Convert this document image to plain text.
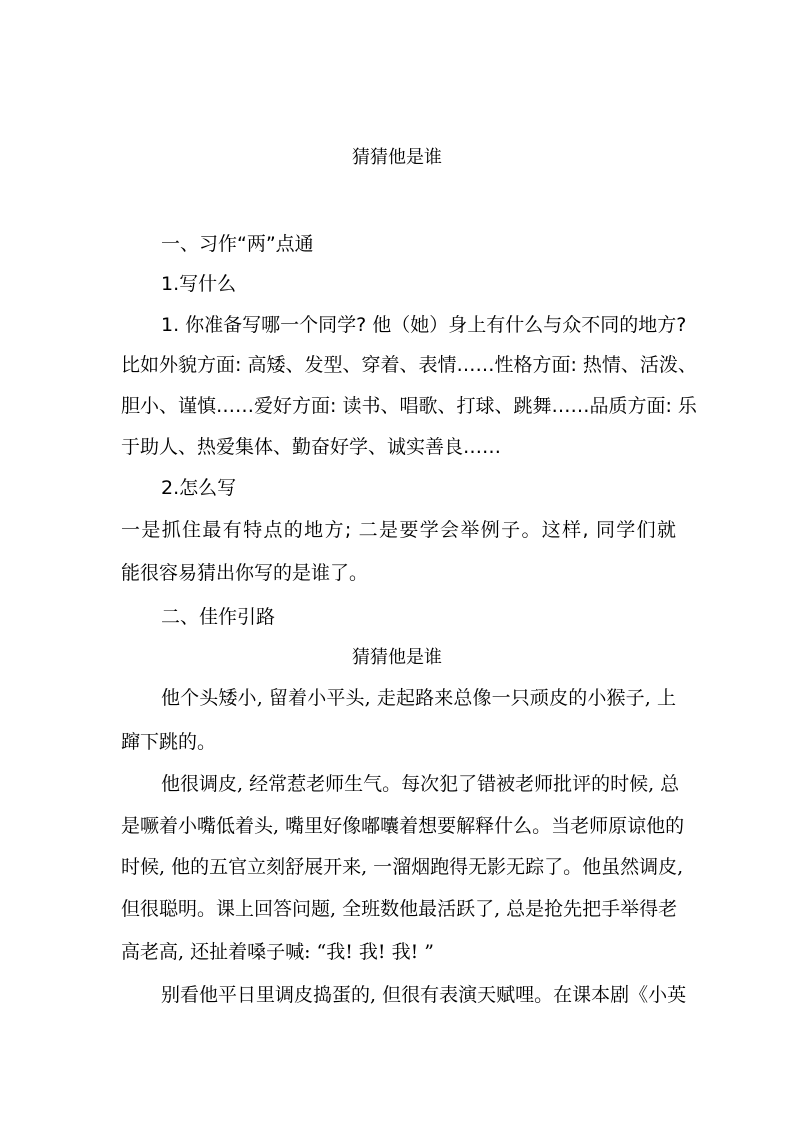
猜猜他是谁
一、习作“两”点通
1.写什么
1. 你准备写哪一个同学? 他（她）身上有什么与众不同的地方?
比如外貌方面: 高矮、发型、穿着、表情……性格方面: 热情、活泼、
胆小、谨慎……爱好方面: 读书、唱歌、打球、跳舞……品质方面: 乐
于助人、热爱集体、勤奋好学、诚实善良……
2.怎么写
一是抓住最有特点的地方; 二是要学会举例子。这样, 同学们就
能很容易猜出你写的是谁了。
二、佳作引路
猜猜他是谁
他个头矮小, 留着小平头, 走起路来总像一只顽皮的小猴子, 上
蹿下跳的。
他很调皮, 经常惹老师生气。每次犯了错被老师批评的时候, 总
是噘着小嘴低着头, 嘴里好像嘟囔着想要解释什么。当老师原谅他的
时候, 他的五官立刻舒展开来, 一溜烟跑得无影无踪了。他虽然调皮,
但很聪明。课上回答问题, 全班数他最活跃了, 总是抢先把手举得老
高老高, 还扯着嗓子喊: “我! 我! 我! ”
别看他平日里调皮捣蛋的, 但很有表演天赋哩。在课本剧《小英
